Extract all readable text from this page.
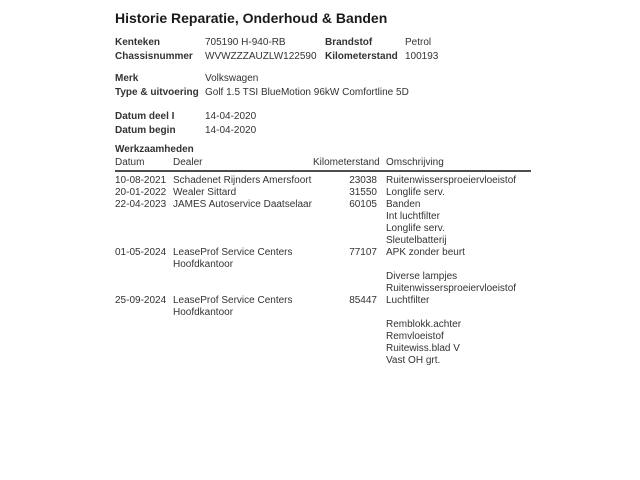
Historie Reparatie, Onderhoud & Banden
Kenteken	705190 H-940-RB	Brandstof	Petrol
Chassisnummer	WVWZZZAUZLW122590 Kilometerstand 100193
Merk	Volkswagen
Type & uitvoering Golf 1.5 TSI BlueMotion 96kW Comfortline 5D
Datum deel I	14-04-2020
Datum begin	14-04-2020
Werkzaamheden
Datum	Dealer	Kilometerstand Omschrijving
10-08-2021 Schadenet Rijnders Amersfoort	23038 Ruitenwissersproeiervloeistof
20-01-2022 Wealer Sittard	31550 Longlife serv.
22-04-2023 JAMES Autoservice Daatselaar	60105 Banden
Int luchtfilter
Longlife serv.
Sleutelbatterij
01-05-2024 LeaseProf Service Centers
Hoofdkantoor
77107 APK zonder beurt

Diverse lampjes
Ruitenwissersproeiervloeistof
25-09-2024 LeaseProf Service Centers
Hoofdkantoor
85447 Luchtfilter

Remblokk.achter
Remvloeistof
Ruitewiss.blad V
Vast OH grt.
